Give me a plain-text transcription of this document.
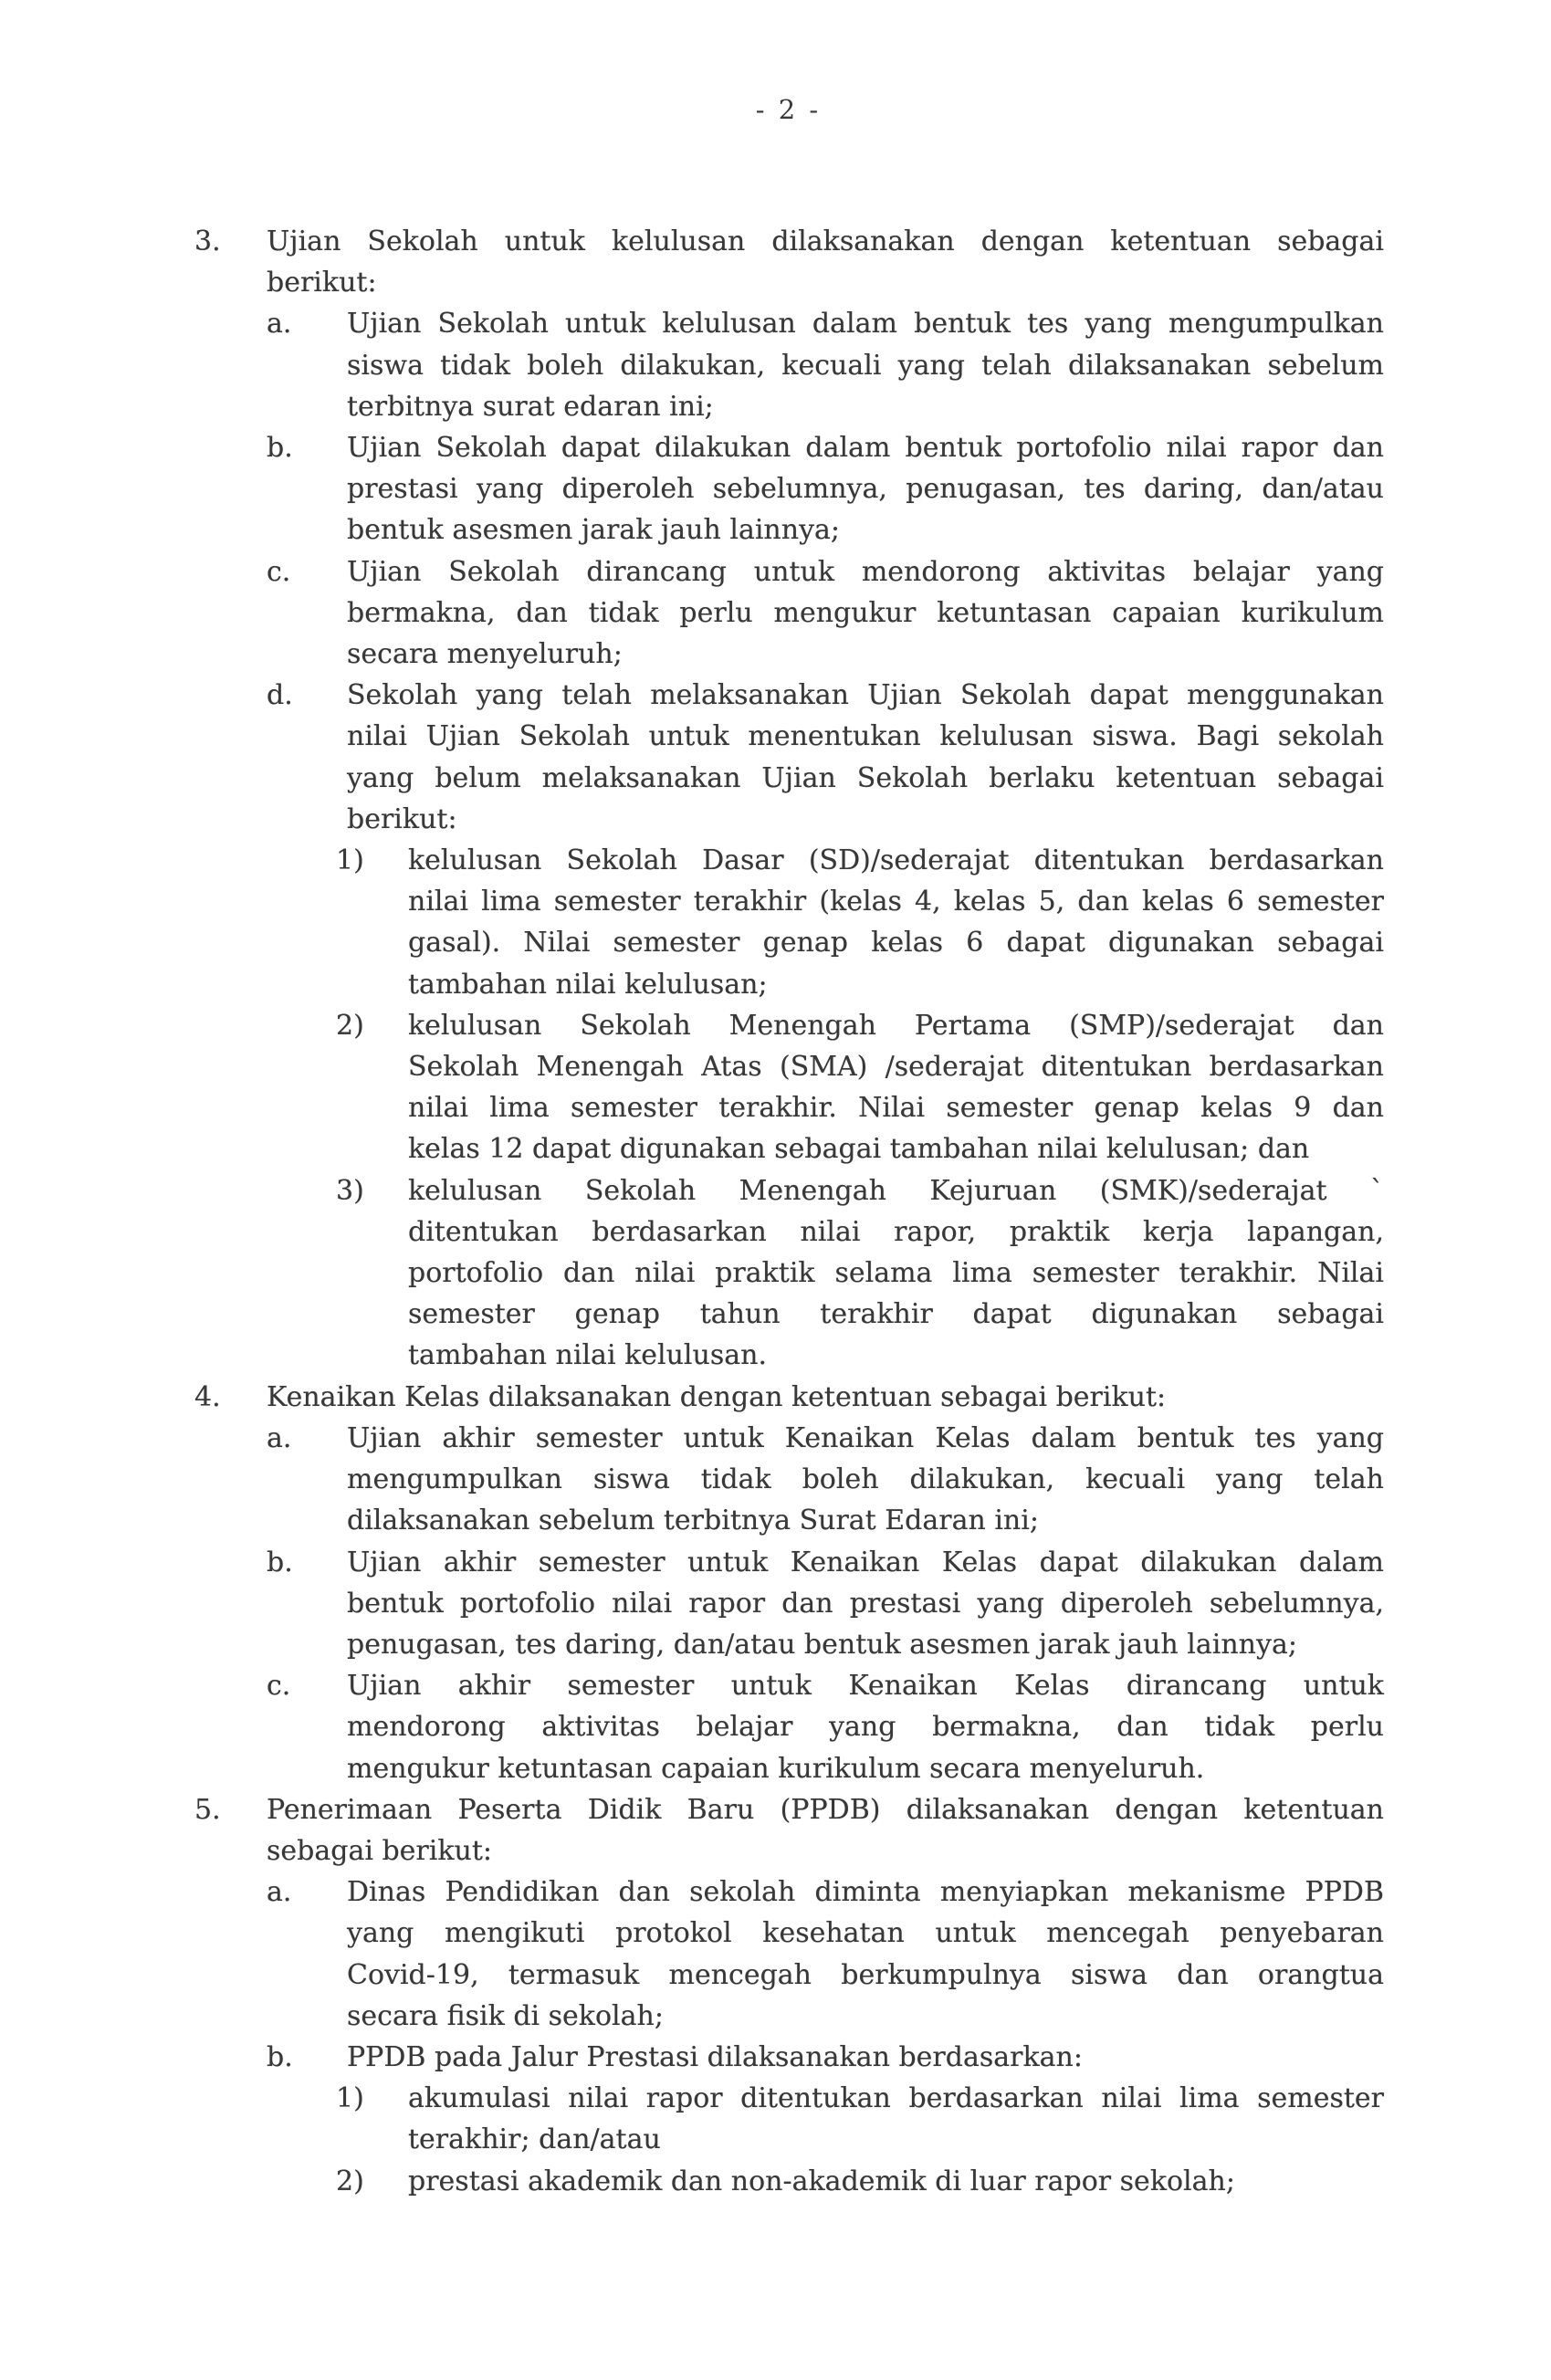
- 2 -
3.	Ujian Sekolah untuk kelulusan dilaksanakan dengan ketentuan sebagai
berikut:
a.	Ujian Sekolah untuk kelulusan dalam bentuk tes yang mengumpulkan
siswa tidak boleh dilakukan, kecuali yang telah dilaksanakan sebelum
terbitnya surat edaran ini;
b.	Ujian Sekolah dapat dilakukan dalam bentuk portofolio nilai rapor dan
prestasi yang diperoleh sebelumnya, penugasan, tes daring, dan/atau
bentuk asesmen jarak jauh lainnya;
c.	Ujian Sekolah dirancang untuk mendorong aktivitas belajar yang
bermakna, dan tidak perlu mengukur ketuntasan capaian kurikulum
secara menyeluruh;
d.	Sekolah yang telah melaksanakan Ujian Sekolah dapat menggunakan
nilai Ujian Sekolah untuk menentukan kelulusan siswa. Bagi sekolah
yang belum melaksanakan Ujian Sekolah berlaku ketentuan sebagai
berikut:
1)	kelulusan Sekolah Dasar (SD)/sederajat ditentukan berdasarkan
nilai lima semester terakhir (kelas 4, kelas 5, dan kelas 6 semester
gasal). Nilai semester genap kelas 6 dapat digunakan sebagai
tambahan nilai kelulusan;
2)	kelulusan Sekolah Menengah Pertama (SMP)/sederajat dan
Sekolah Menengah Atas (SMA) /sederajat ditentukan berdasarkan
nilai lima semester terakhir. Nilai semester genap kelas 9 dan
kelas 12 dapat digunakan sebagai tambahan nilai kelulusan; dan
3)	kelulusan Sekolah Menengah Kejuruan (SMK)/sederajat ˋ
ditentukan berdasarkan nilai rapor, praktik kerja lapangan,
portofolio dan nilai praktik selama lima semester terakhir. Nilai
semester genap tahun terakhir dapat digunakan sebagai
tambahan nilai kelulusan.
4.	Kenaikan Kelas dilaksanakan dengan ketentuan sebagai berikut:
a.	Ujian akhir semester untuk Kenaikan Kelas dalam bentuk tes yang
mengumpulkan siswa tidak boleh dilakukan, kecuali yang telah
dilaksanakan sebelum terbitnya Surat Edaran ini;
b.	Ujian akhir semester untuk Kenaikan Kelas dapat dilakukan dalam
bentuk portofolio nilai rapor dan prestasi yang diperoleh sebelumnya,
penugasan, tes daring, dan/atau bentuk asesmen jarak jauh lainnya;
c.	Ujian akhir semester untuk Kenaikan Kelas dirancang untuk
mendorong aktivitas belajar yang bermakna, dan tidak perlu
mengukur ketuntasan capaian kurikulum secara menyeluruh.
5.	Penerimaan Peserta Didik Baru (PPDB) dilaksanakan dengan ketentuan
sebagai berikut:
a.	Dinas Pendidikan dan sekolah diminta menyiapkan mekanisme PPDB
yang mengikuti protokol kesehatan untuk mencegah penyebaran
Covid-19, termasuk mencegah berkumpulnya siswa dan orangtua
secara fisik di sekolah;
b.	PPDB pada Jalur Prestasi dilaksanakan berdasarkan:
1)	akumulasi nilai rapor ditentukan berdasarkan nilai lima semester
terakhir; dan/atau
2)	prestasi akademik dan non-akademik di luar rapor sekolah;
